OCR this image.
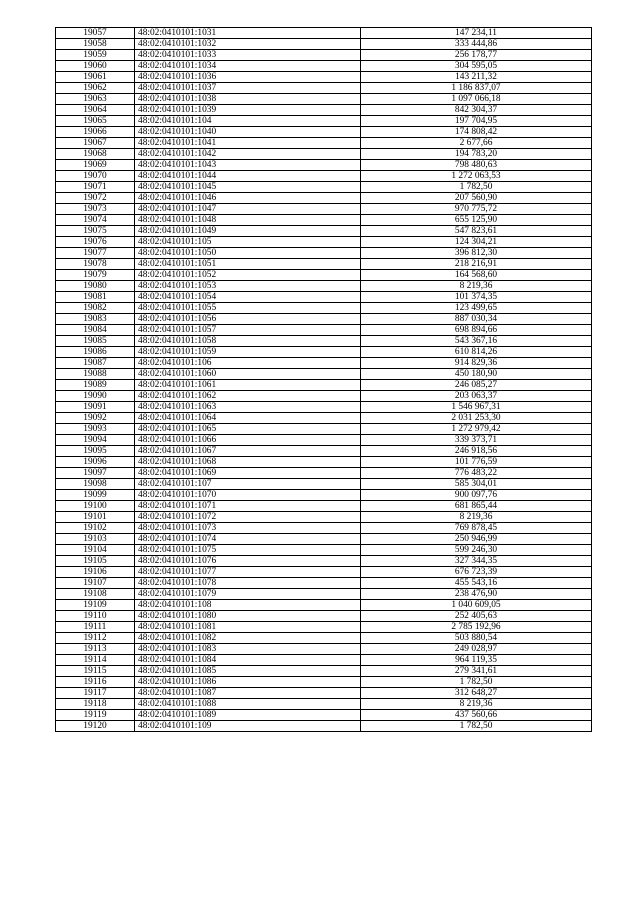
19057	48:02:0410101:1031	147 234,11
19058	48:02:0410101:1032	333 444,86
19059	48:02:0410101:1033	256 178,77
19060	48:02:0410101:1034	304 595,05
19061	48:02:0410101:1036	143 211,32
19062	48:02:0410101:1037	1 186 837,07
19063	48:02:0410101:1038	1 097 066,18
19064	48:02:0410101:1039	842 304,37
19065	48:02:0410101:104	197 704,95
19066	48:02:0410101:1040	174 808,42
19067	48:02:0410101:1041	2 677,66
19068	48:02:0410101:1042	194 783,20
19069	48:02:0410101:1043	798 480,63
19070	48:02:0410101:1044	1 272 063,53
19071	48:02:0410101:1045	1 782,50
19072	48:02:0410101:1046	207 560,90
19073	48:02:0410101:1047	970 775,72
19074	48:02:0410101:1048	655 125,90
19075	48:02:0410101:1049	547 823,61
19076	48:02:0410101:105	124 304,21
19077	48:02:0410101:1050	396 812,30
19078	48:02:0410101:1051	218 216,91
19079	48:02:0410101:1052	164 568,60
19080	48:02:0410101:1053	8 219,36
19081	48:02:0410101:1054	101 374,35
19082	48:02:0410101:1055	123 499,65
19083	48:02:0410101:1056	887 030,34
19084	48:02:0410101:1057	698 894,66
19085	48:02:0410101:1058	543 367,16
19086	48:02:0410101:1059	610 814,26
19087	48:02:0410101:106	914 829,36
19088	48:02:0410101:1060	450 180,90
19089	48:02:0410101:1061	246 085,27
19090	48:02:0410101:1062	203 063,37
19091	48:02:0410101:1063	1 546 967,31
19092	48:02:0410101:1064	2 031 253,30
19093	48:02:0410101:1065	1 272 979,42
19094	48:02:0410101:1066	339 373,71
19095	48:02:0410101:1067	246 918,56
19096	48:02:0410101:1068	101 776,59
19097	48:02:0410101:1069	776 483,22
19098	48:02:0410101:107	585 304,01
19099	48:02:0410101:1070	900 097,76
19100	48:02:0410101:1071	681 865,44
19101	48:02:0410101:1072	8 219,36
19102	48:02:0410101:1073	769 878,45
19103	48:02:0410101:1074	250 946,99
19104	48:02:0410101:1075	599 246,30
19105	48:02:0410101:1076	327 344,35
19106	48:02:0410101:1077	676 723,39
19107	48:02:0410101:1078	455 543,16
19108	48:02:0410101:1079	238 476,90
19109	48:02:0410101:108	1 040 609,05
19110	48:02:0410101:1080	252 405,63
19111	48:02:0410101:1081	2 785 192,96
19112	48:02:0410101:1082	503 880,54
19113	48:02:0410101:1083	249 028,97
19114	48:02:0410101:1084	964 119,35
19115	48:02:0410101:1085	279 341,61
19116	48:02:0410101:1086	1 782,50
19117	48:02:0410101:1087	312 648,27
19118	48:02:0410101:1088	8 219,36
19119	48:02:0410101:1089	437 560,66
19120	48:02:0410101:109	1 782,50
